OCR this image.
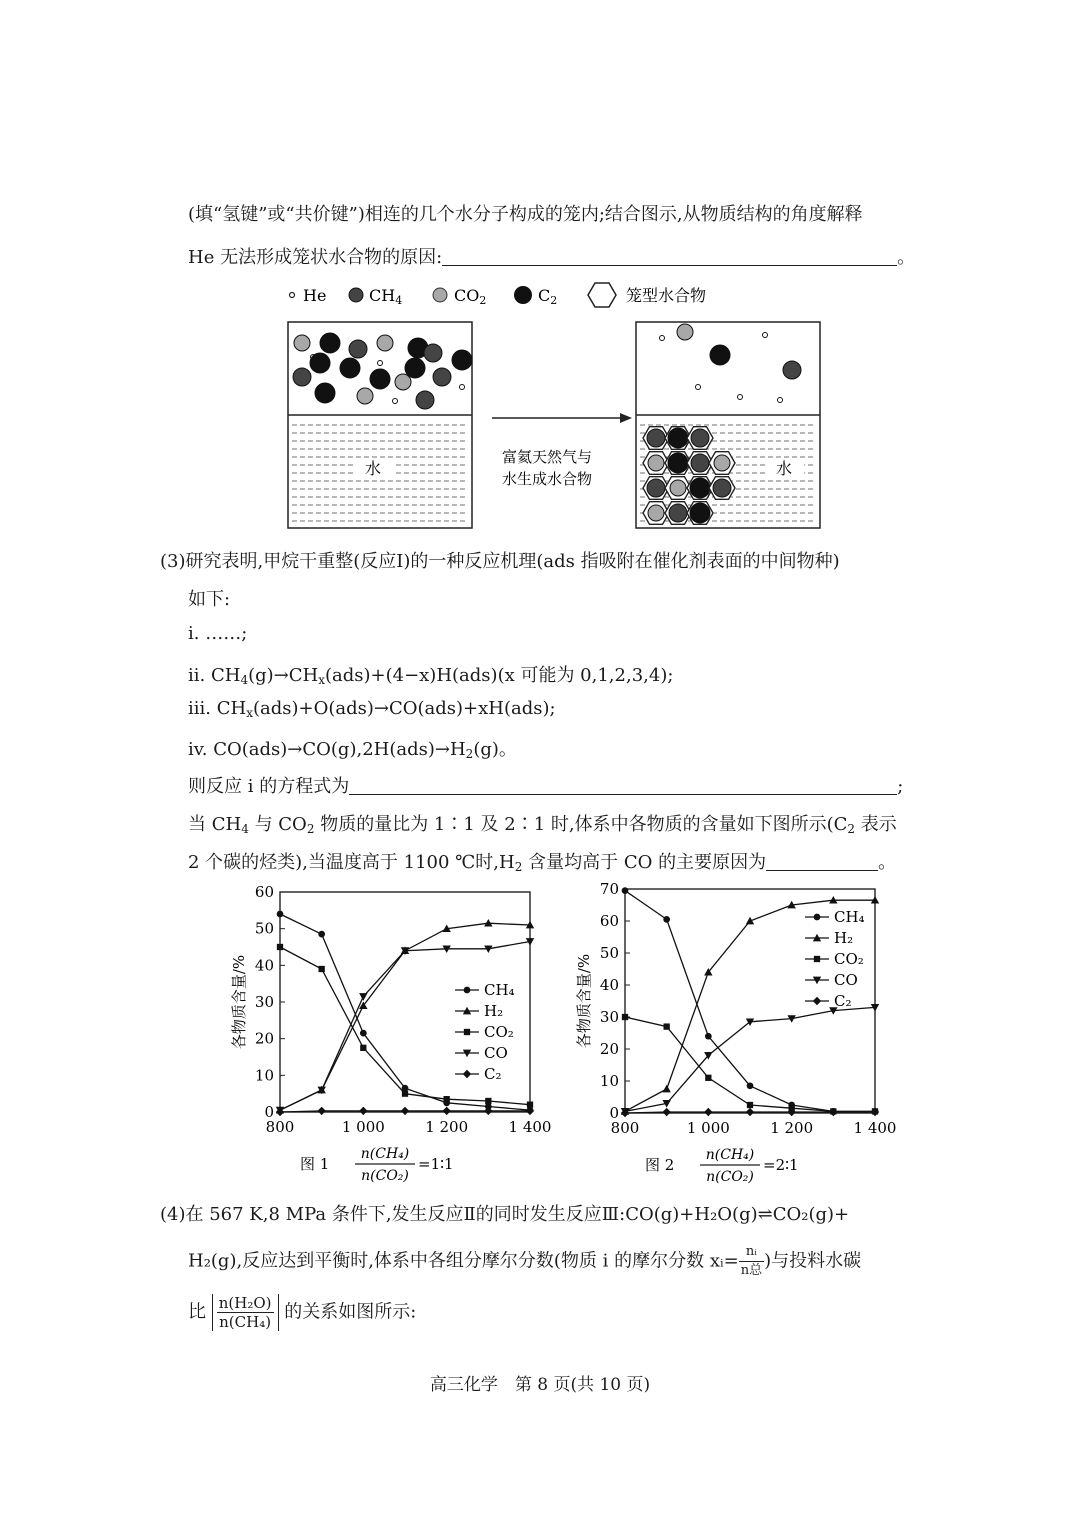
(填“氢键”或“共价键”)相连的几个水分子构成的笼内;结合图示,从物质结构的角度解释
He 无法形成笼状水合物的原因:	。
He	CH4	CO2	C2	笼型水合物
水
富氦天然气与
水生成水合物
水
(3)研究表明,甲烷干重整(反应Ⅰ)的一种反应机理(ads 指吸附在催化剂表面的中间物种)
如下:
i. ……;
ii. $CH_4(g)\to CH_x(ads)+(4-x)H(ads)(x$ 可能为 0,1,2,3,4);
iii. $CH_x(ads)+O(ads)\to CO(ads)+xH(ads)$;
iv. $CO(ads)\to CO(g),2H(ads)\to H_2(g)$。
则反应 i 的方程式为	;
当 $CH_4$ 与 $CO_2$ 物质的量比为 1∶1 及 2∶1 时,体系中各物质的含量如下图所示($C_2$ 表示
2 个碳的烃类),当温度高于 1100 ℃时$,H_2$ 含量均高于 CO 的主要原因为	。
0
10
20
30
40
50
60
800	1 000	1 200	1 400
各物质含量/%	CH₄
H₂
CO₂
CO
C₂
图 1
n(CH₄)
n(CO₂)
=1∶1
0
10
20
30
40
50
60
70
800	1 000	1 200	1 400
各物质含量/%
CH₄
H₂
CO₂
CO
C₂
图 2
n(CH₄)
n(CO₂)
=2∶1
(4)在 567 K,8 MPa 条件下,发生反应Ⅱ的同时发生反应Ⅲ:CO(g)+H₂O(g)⇌CO₂(g)+
H₂(g),反应达到平衡时,体系中各组分摩尔分数(物质 i 的摩尔分数 xᵢ= $\frac{\text{nᵢ}}{\text{n总}}$ )与投料水碳
比 $\frac{\text{n(H₂O)}}{\text{n(CH₄)}}$ 的关系如图所示:
高三化学　第 8 页(共 10 页)
